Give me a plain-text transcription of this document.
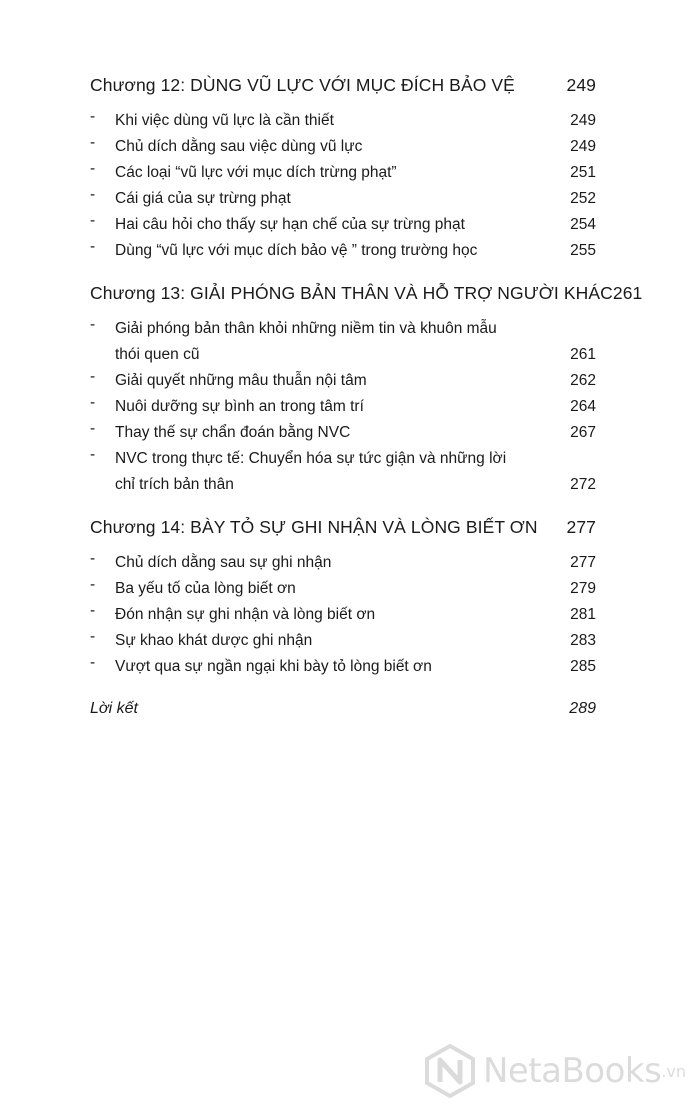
Chương 12: DÙNG VŨ LỰC VỚI MỤC ĐÍCH BẢO VỆ	249
- Khi việc dùng vũ lực là cần thiết	249
- Chủ dích dằng sau việc dùng vũ lực	249
- Các loại “vũ lực với mục dích trừng phạt”	251
- Cái giá của sự trừng phạt	252
- Hai câu hỏi cho thấy sự hạn chế của sự trừng phạt	254
- Dùng “vũ lực với mục dích bảo vệ ” trong trường học	255
Chương 13: GIẢI PHÓNG BẢN THÂN VÀ HỖ TRỢ NGƯỜI KHÁC 261
- Giải phóng bản thân khỏi những niềm tin và khuôn mẫu
thói quen cũ	261
- Giải quyết những mâu thuẫn nội tâm	262
- Nuôi dưỡng sự bình an trong tâm trí	264
- Thay thế sự chẩn đoán bằng NVC	267
- NVC trong thực tế: Chuyển hóa sự tức giận và những lời
chỉ trích bản thân	272
Chương 14: BÀY TỎ SỰ GHI NHẬN VÀ LÒNG BIẾT ƠN 277
- Chủ dích dằng sau sự ghi nhận	277
- Ba yếu tố của lòng biết ơn	279
- Đón nhận sự ghi nhận và lòng biết ơn	281
- Sự khao khát dược ghi nhận	283
- Vượt qua sự ngần ngại khi bày tỏ lòng biết ơn	285
Lời kết	289
NetaBooks .vn
